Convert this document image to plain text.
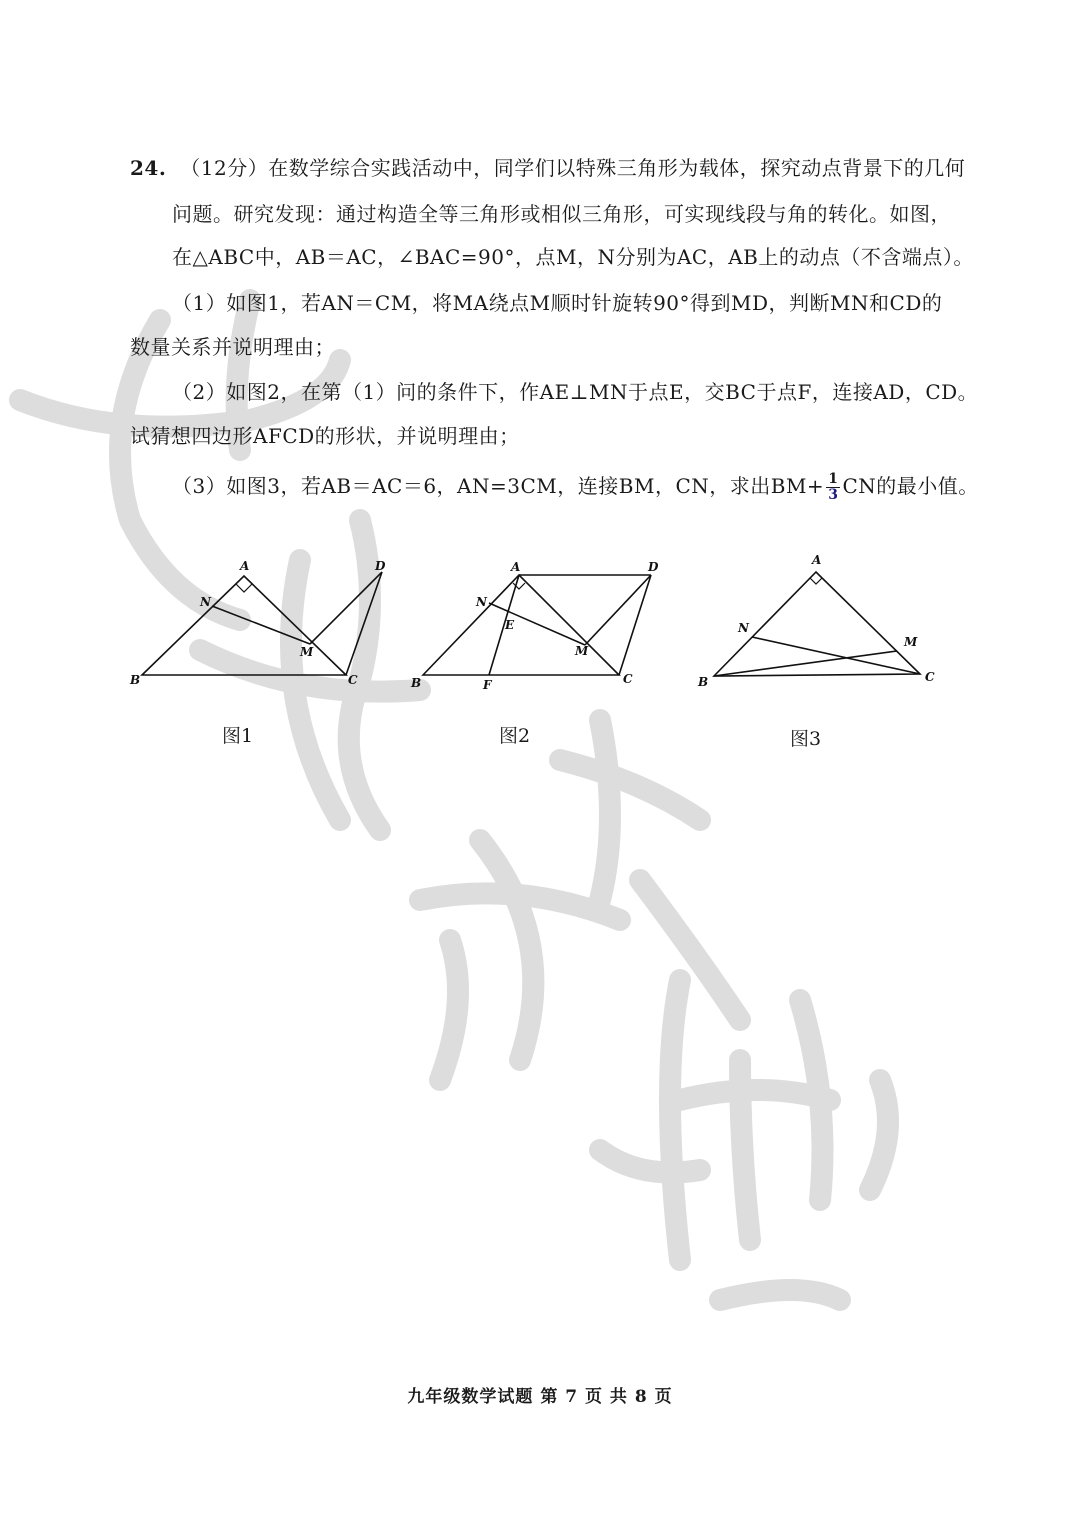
24. （12分）在数学综合实践活动中，同学们以特殊三角形为载体，探究动点背景下的几何
问题。研究发现：通过构造全等三角形或相似三角形，可实现线段与角的转化。如图，
在△ABC中，AB＝AC，∠BAC=90°，点M，N分别为AC，AB上的动点（不含端点）。
（1）如图1，若AN＝CM，将MA绕点M顺时针旋转90°得到MD，判断MN和CD的
数量关系并说明理由；
（2）如图2，在第（1）问的条件下，作AE⊥MN于点E，交BC于点F，连接AD，CD。
试猜想四边形AFCD的形状，并说明理由；
（3）如图3，若AB＝AC＝6，AN=3CM，连接BM，CN，求出$BM+ \frac{1}{3}$ CN的最小值。
A
B	C
D
M
N
图1
A
B	C
D
E
F
M
N
图2
A
B	C
M
N
图3
九年级数学试题 第 7 页 共 8 页
